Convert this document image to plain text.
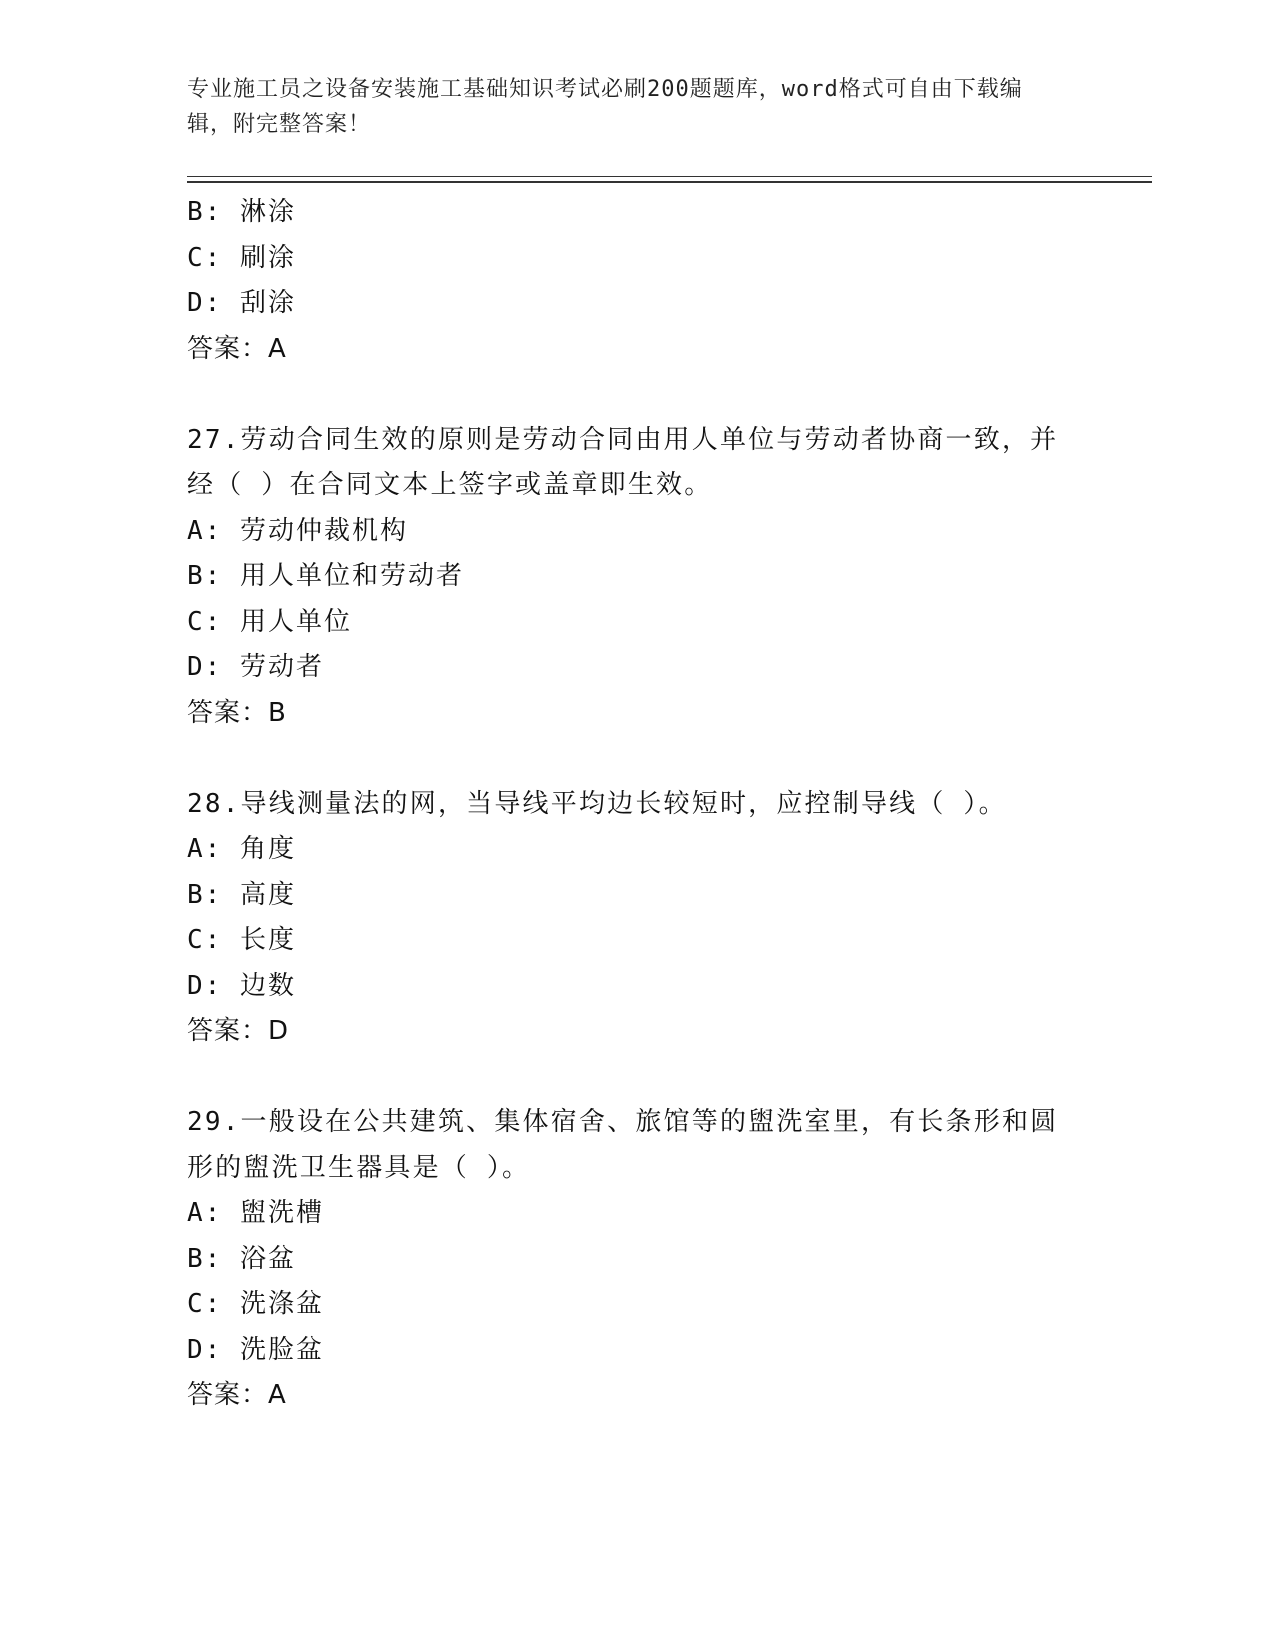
专业施工员之设备安装施工基础知识考试必刷200题题库，word格式可自由下载编辑，附完整答案！
B: 淋涂
C: 刷涂
D: 刮涂
答案：A
27.劳动合同生效的原则是劳动合同由用人单位与劳动者协商一致，并经（ ）在合同文本上签字或盖章即生效。
A: 劳动仲裁机构
B: 用人单位和劳动者
C: 用人单位
D: 劳动者
答案：B
28.导线测量法的网，当导线平均边长较短时，应控制导线（ ）。
A: 角度
B: 高度
C: 长度
D: 边数
答案：D
29.一般设在公共建筑、集体宿舍、旅馆等的盥洗室里，有长条形和圆形的盥洗卫生器具是（ ）。
A: 盥洗槽
B: 浴盆
C: 洗涤盆
D: 洗脸盆
答案：A
